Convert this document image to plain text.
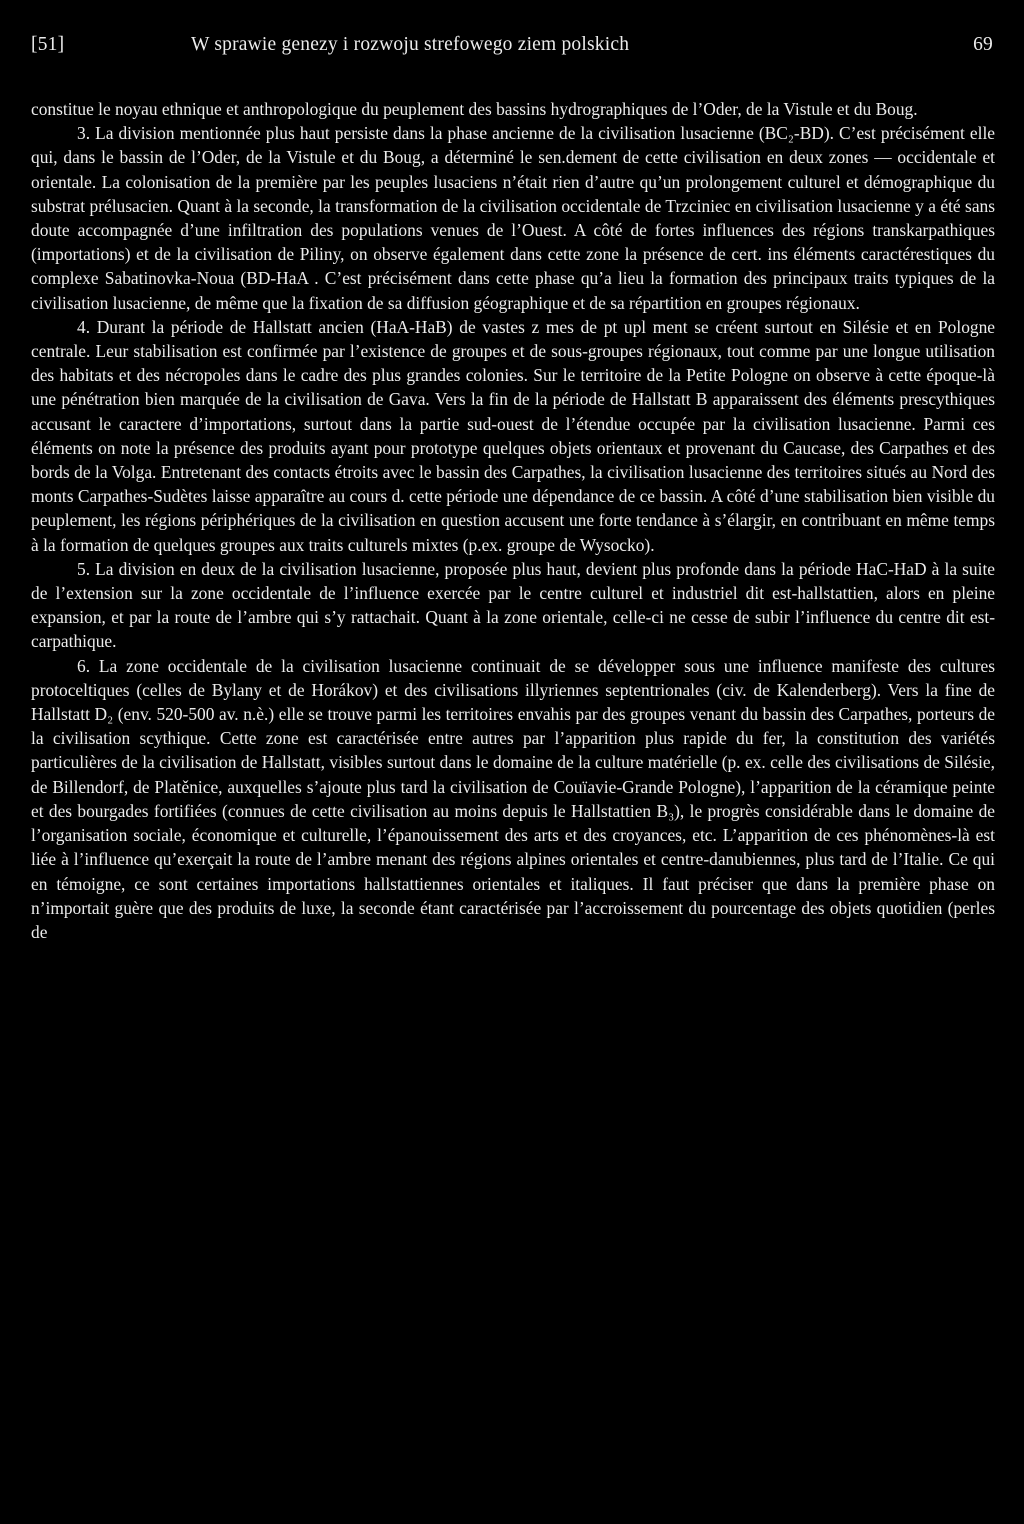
[51]	W sprawie genezy i rozwoju strefowego ziem polskich	69

constitue le noyau ethnique et anthropologique du peuplement des bassins hydrographiques de l’Oder, de la Vistule et du Boug.

3. La division mentionnée plus haut persiste dans la phase ancienne de la civilisation lusacienne (BC₂-BD). C’est précisément elle qui, dans le bassin de l’Oder, de la Vistule et du Boug, a déterminé le sen.dement de cette civilisation en deux zones — occidentale et orientale. La colonisation de la première par les peuples lusaciens n’était rien d’autre qu’un prolongement culturel et démographique du substrat prélusacien. Quant à la seconde, la transformation de la civilisation occidentale de Trzciniec en civilisation lusacienne y a été sans doute accompagnée d’une infiltration des populations venues de l’Ouest. A côté de fortes influences des régions transkarpathiques (importations) et de la civilisation de Piliny, on observe également dans cette zone la présence de cert. ins éléments caractérestiques du complexe Sabatinovka-Noua (BD-HaA . C’est précisément dans cette phase qu’a lieu la formation des principaux traits typiques de la civilisation lusacienne, de même que la fixation de sa diffusion géographique et de sa répartition en groupes régionaux.

4. Durant la période de Hallstatt ancien (HaA-HaB) de vastes z mes de pt upl ment se créent surtout en Silésie et en Pologne centrale. Leur stabilisation est confirmée par l’existence de groupes et de sous-groupes régionaux, tout comme par une longue utilisation des habitats et des nécropoles dans le cadre des plus grandes colonies. Sur le territoire de la Petite Pologne on observe à cette époque-là une pénétration bien marquée de la civilisation de Gava. Vers la fin de la période de Hallstatt B apparaissent des éléments prescythiques accusant le caractere d’importations, surtout dans la partie sud-ouest de l’étendue occupée par la civilisation lusacienne. Parmi ces éléments on note la présence des produits ayant pour prototype quelques objets orientaux et provenant du Caucase, des Carpathes et des bords de la Volga. Entretenant des contacts étroits avec le bassin des Carpathes, la civilisation lusacienne des territoires situés au Nord des monts Carpathes-Sudètes laisse apparaître au cours d. cette période une dépendance de ce bassin. A côté d’une stabilisation bien visible du peuplement, les régions périphériques de la civilisation en question accusent une forte tendance à s’élargir, en contribuant en même temps à la formation de quelques groupes aux traits culturels mixtes (p.ex. groupe de Wysocko).

5. La division en deux de la civilisation lusacienne, proposée plus haut, devient plus profonde dans la période HaC-HaD à la suite de l’extension sur la zone occidentale de l’influence exercée par le centre culturel et industriel dit est-hallstattien, alors en pleine expansion, et par la route de l’ambre qui s’y rattachait. Quant à la zone orientale, celle-ci ne cesse de subir l’influence du centre dit est-carpathique.

6. La zone occidentale de la civilisation lusacienne continuait de se développer sous une influence manifeste des cultures protoceltiques (celles de Bylany et de Horákov) et des civilisations illyriennes septentrionales (civ. de Kalenderberg). Vers la fine de Hallstatt D₂ (env. 520-500 av. n.è.) elle se trouve parmi les territoires envahis par des groupes venant du bassin des Carpathes, porteurs de la civilisation scythique. Cette zone est caractérisée entre autres par l’apparition plus rapide du fer, la constitution des variétés particulières de la civilisation de Hallstatt, visibles surtout dans le domaine de la culture matérielle (p. ex. celle des civilisations de Silésie, de Billendorf, de Platěnice, auxquelles s’ajoute plus tard la civilisation de Couïavie-Grande Pologne), l’apparition de la céramique peinte et des bourgades fortifiées (connues de cette civilisation au moins depuis le Hallstattien B₃), le progrès considérable dans le domaine de l’organisation sociale, économique et culturelle, l’épanouissement des arts et des croyances, etc. L’apparition de ces phénomènes-là est liée à l’influence qu’exerçait la route de l’ambre menant des régions alpines orientales et centre-danubiennes, plus tard de l’Italie. Ce qui en témoigne, ce sont certaines importations hallstattiennes orientales et italiques. Il faut préciser que dans la première phase on n’importait guère que des produits de luxe, la seconde étant caractérisée par l’accroissement du pourcentage des objets quotidien (perles de
